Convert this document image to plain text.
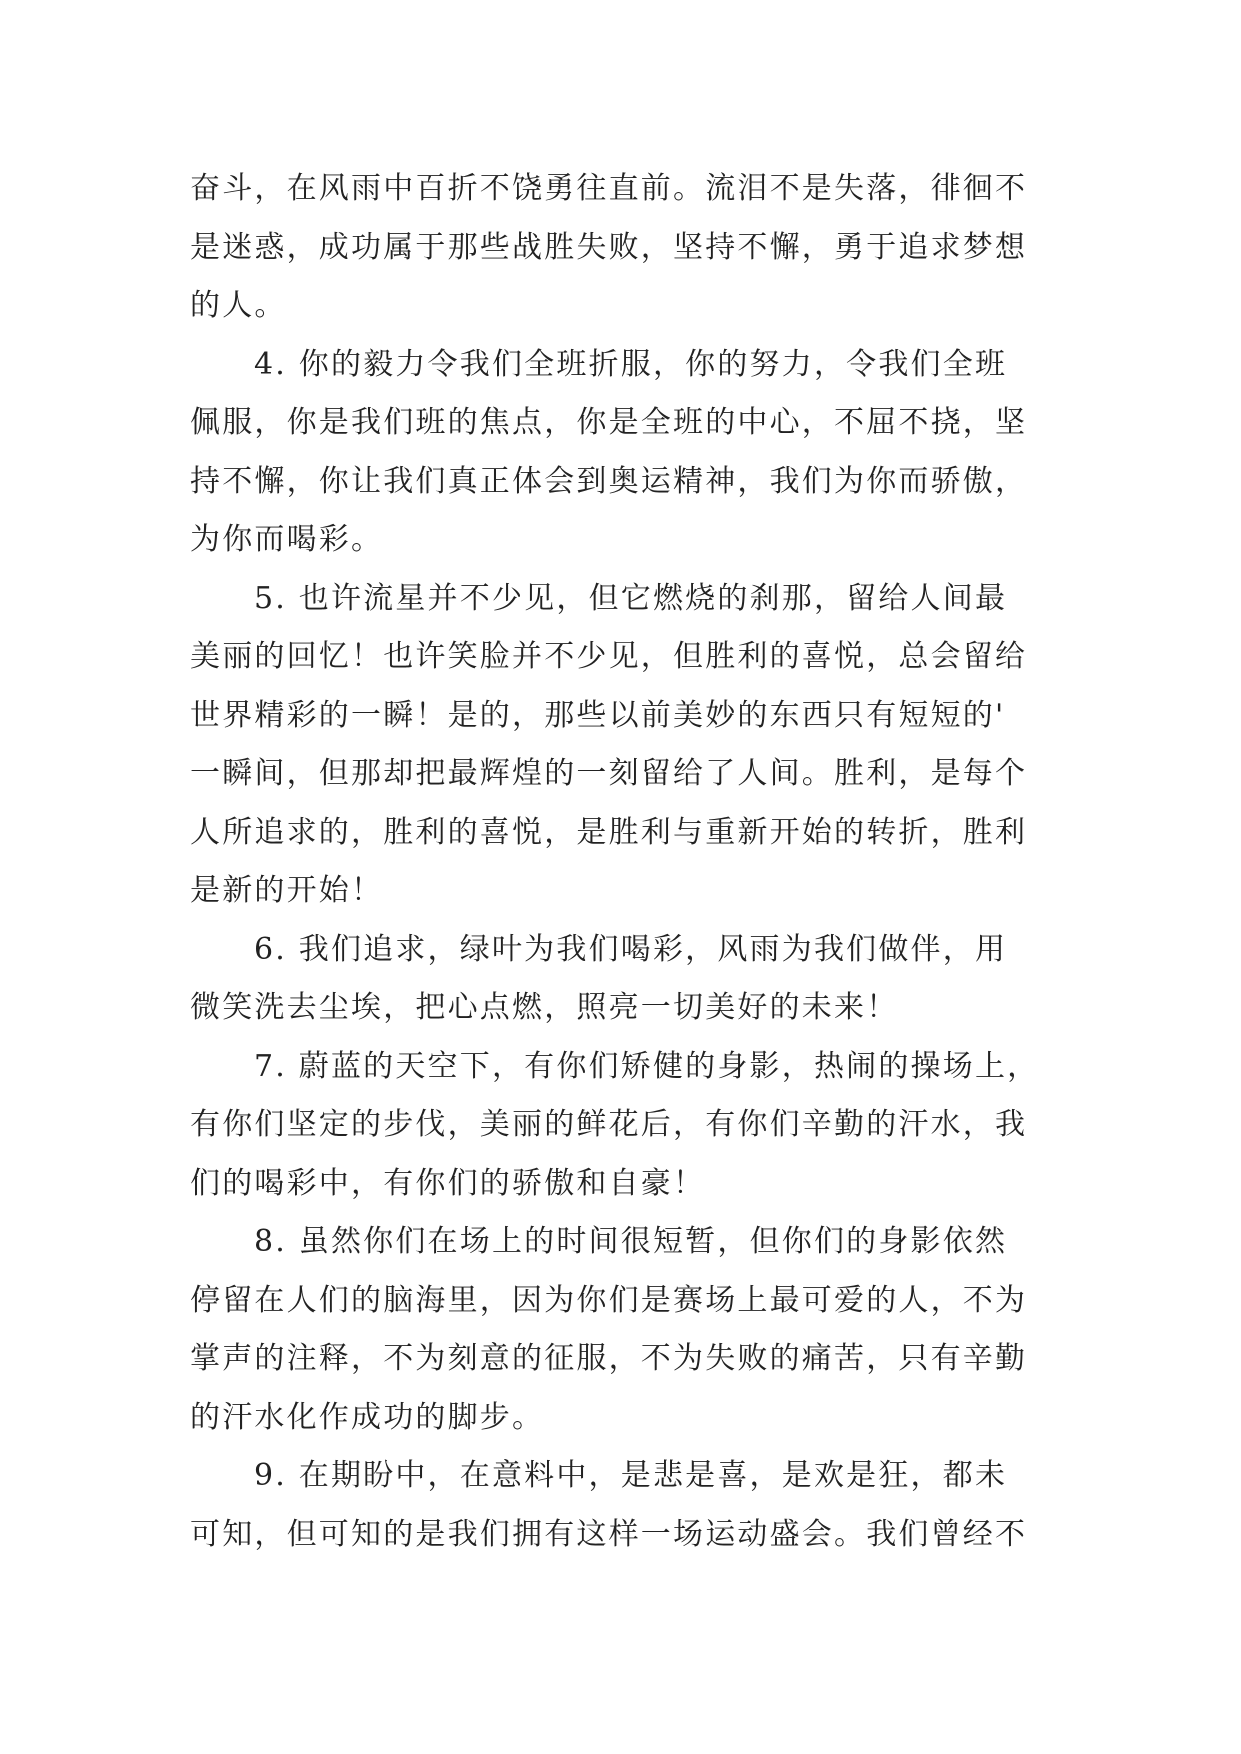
奋斗，在风雨中百折不饶勇往直前。流泪不是失落，徘徊不
是迷惑，成功属于那些战胜失败，坚持不懈，勇于追求梦想
的人。
4. 你的毅力令我们全班折服，你的努力，令我们全班
佩服，你是我们班的焦点，你是全班的中心，不屈不挠，坚
持不懈，你让我们真正体会到奥运精神，我们为你而骄傲，
为你而喝彩。
5. 也许流星并不少见，但它燃烧的刹那，留给人间最
美丽的回忆！也许笑脸并不少见，但胜利的喜悦，总会留给
世界精彩的一瞬！是的，那些以前美妙的东西只有短短的'
一瞬间，但那却把最辉煌的一刻留给了人间。胜利，是每个
人所追求的，胜利的喜悦，是胜利与重新开始的转折，胜利
是新的开始！
6. 我们追求，绿叶为我们喝彩，风雨为我们做伴，用
微笑洗去尘埃，把心点燃，照亮一切美好的未来！
7. 蔚蓝的天空下，有你们矫健的身影，热闹的操场上，
有你们坚定的步伐，美丽的鲜花后，有你们辛勤的汗水，我
们的喝彩中，有你们的骄傲和自豪！
8. 虽然你们在场上的时间很短暂，但你们的身影依然
停留在人们的脑海里，因为你们是赛场上最可爱的人，不为
掌声的注释，不为刻意的征服，不为失败的痛苦，只有辛勤
的汗水化作成功的脚步。
9. 在期盼中，在意料中，是悲是喜，是欢是狂，都未
可知，但可知的是我们拥有这样一场运动盛会。我们曾经不
